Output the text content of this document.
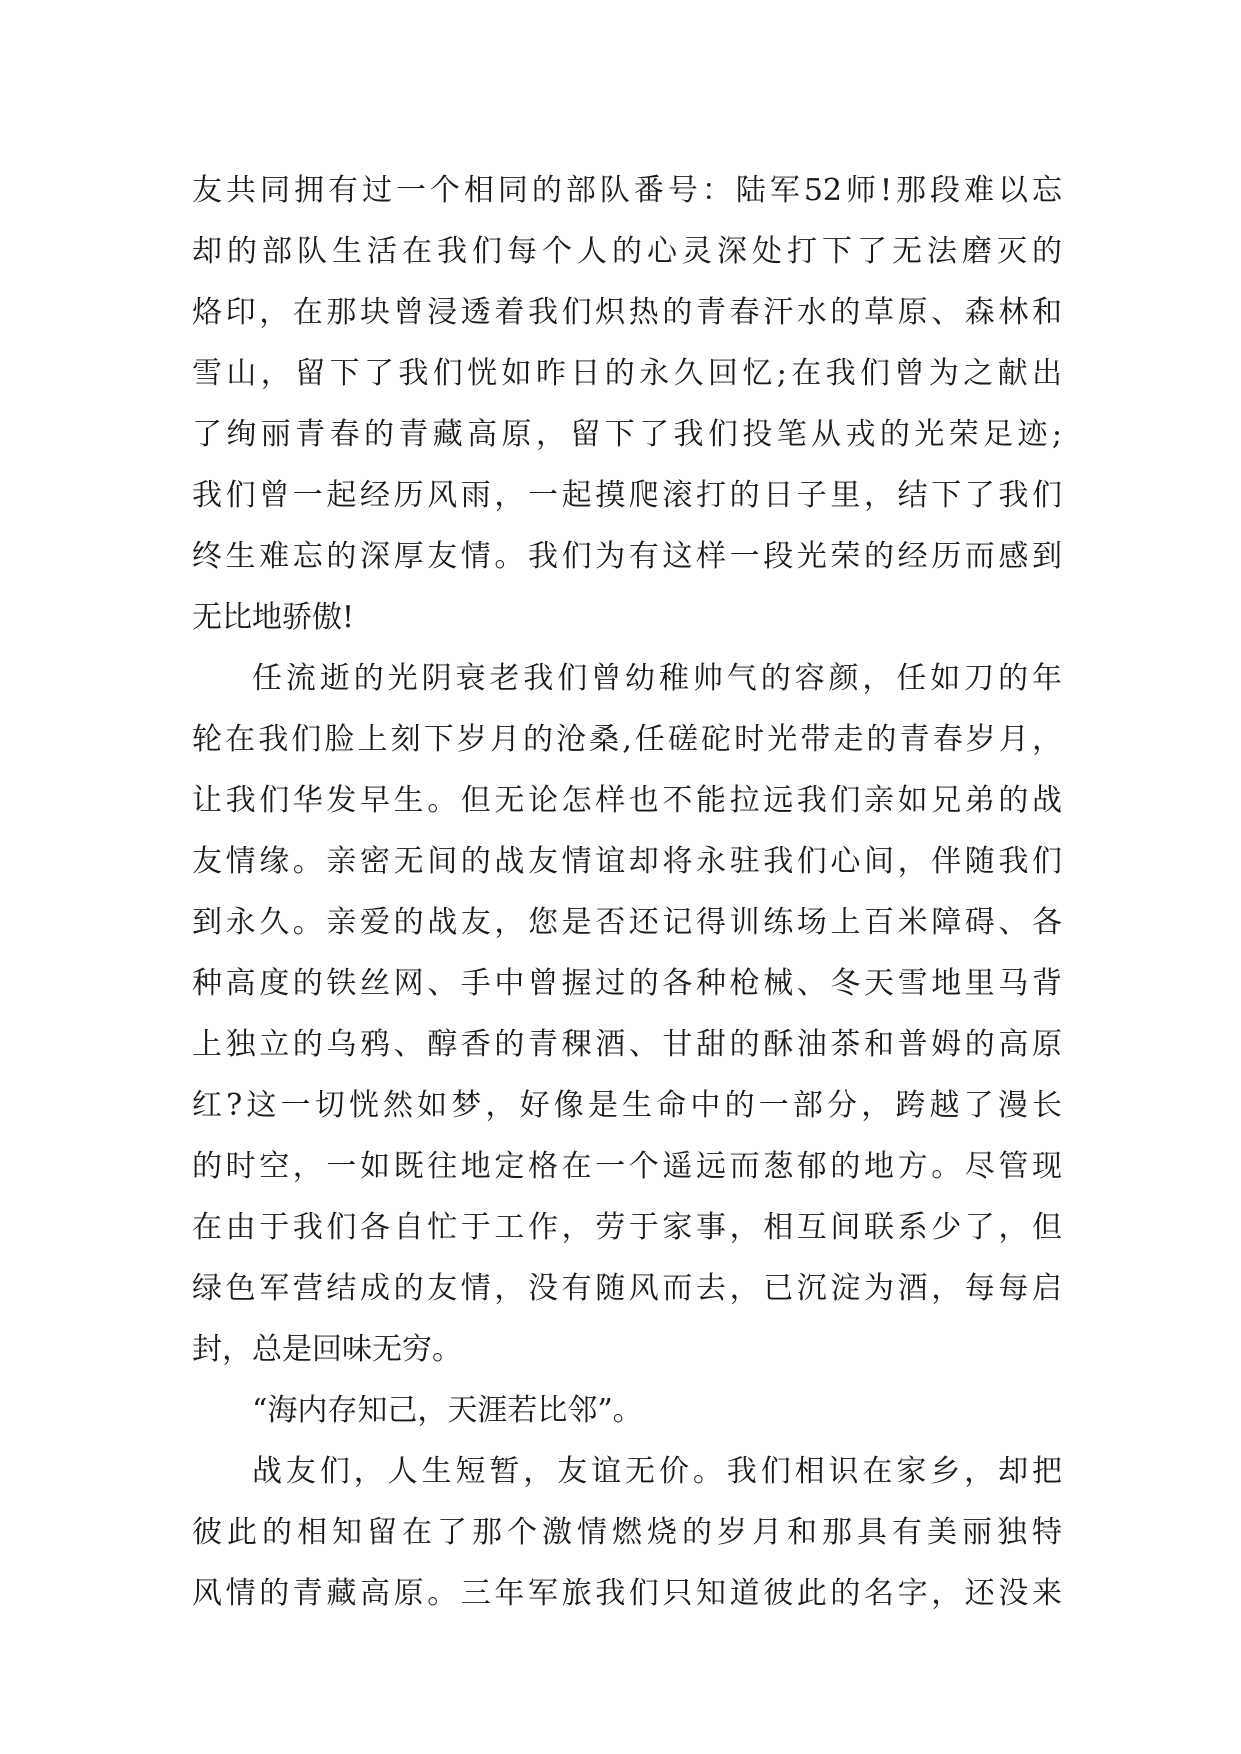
友共同拥有过一个相同的部队番号：陆军52师!那段难以忘
却的部队生活在我们每个人的心灵深处打下了无法磨灭的
烙印，在那块曾浸透着我们炽热的青春汗水的草原、森林和
雪山，留下了我们恍如昨日的永久回忆;在我们曾为之献出
了绚丽青春的青藏高原，留下了我们投笔从戎的光荣足迹;
我们曾一起经历风雨，一起摸爬滚打的日子里，结下了我们
终生难忘的深厚友情。我们为有这样一段光荣的经历而感到
无比地骄傲!
任流逝的光阴衰老我们曾幼稚帅气的容颜，任如刀的年
轮在我们脸上刻下岁月的沧桑,任磋砣时光带走的青春岁月，
让我们华发早生。但无论怎样也不能拉远我们亲如兄弟的战
友情缘。亲密无间的战友情谊却将永驻我们心间，伴随我们
到永久。亲爱的战友，您是否还记得训练场上百米障碍、各
种高度的铁丝网、手中曾握过的各种枪械、冬天雪地里马背
上独立的乌鸦、醇香的青稞酒、甘甜的酥油茶和普姆的高原
红?这一切恍然如梦，好像是生命中的一部分，跨越了漫长
的时空，一如既往地定格在一个遥远而葱郁的地方。尽管现
在由于我们各自忙于工作，劳于家事，相互间联系少了，但
绿色军营结成的友情，没有随风而去，已沉淀为酒，每每启
封，总是回味无穷。
“海内存知己，天涯若比邻”。
战友们，人生短暂，友谊无价。我们相识在家乡，却把
彼此的相知留在了那个激情燃烧的岁月和那具有美丽独特
风情的青藏高原。三年军旅我们只知道彼此的名字，还没来
